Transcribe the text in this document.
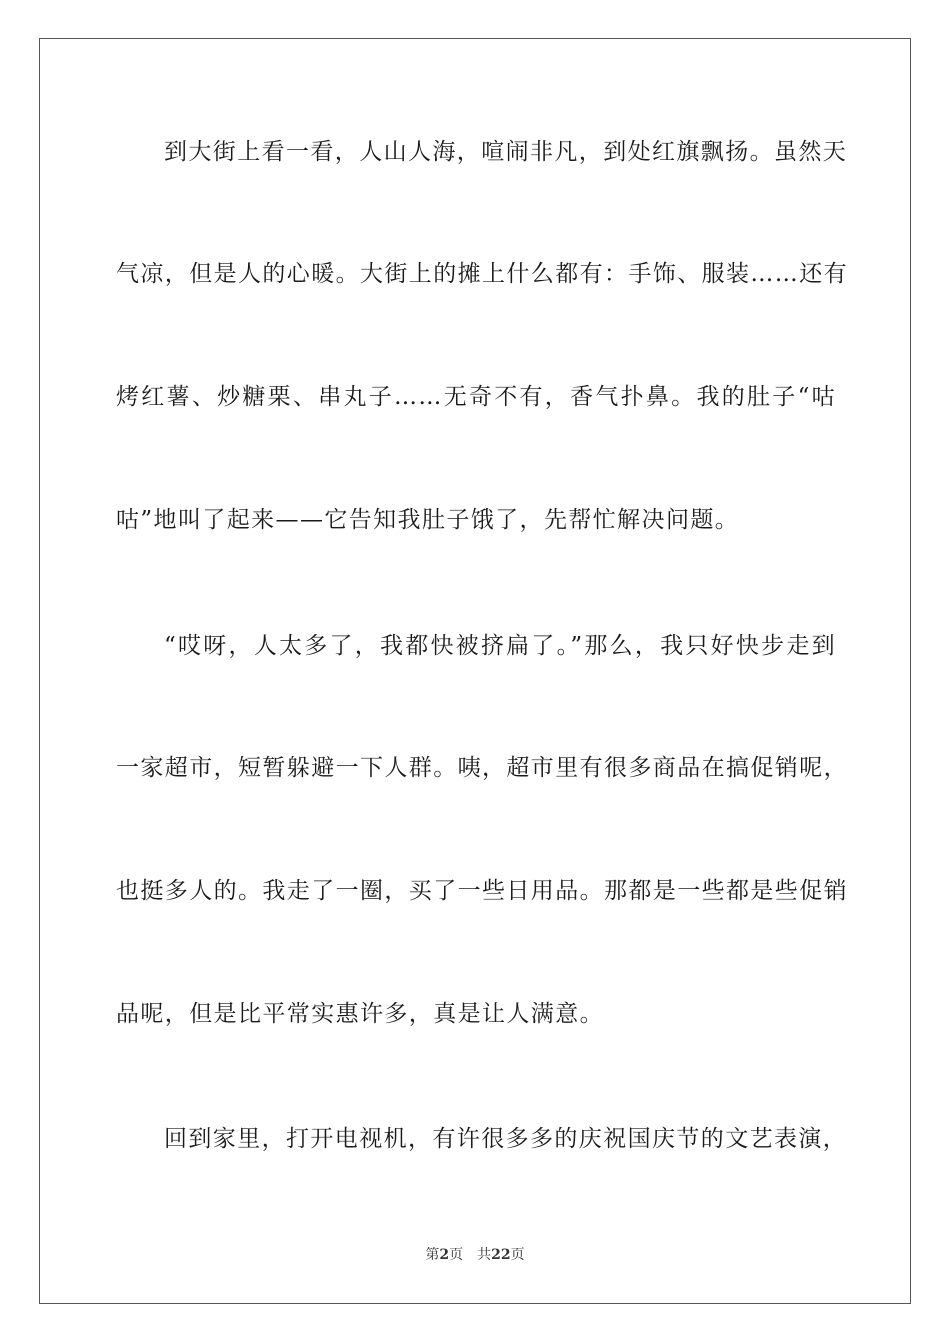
到大街上看一看，人山人海，喧闹非凡，到处红旗飘扬。虽然天
气凉，但是人的心暖。大街上的摊上什么都有：手饰、服装……还有
烤红薯、炒糖栗、串丸子……无奇不有，香气扑鼻。我的肚子“咕
咕”地叫了起来——它告知我肚子饿了，先帮忙解决问题。
“哎呀，人太多了，我都快被挤扁了。”那么，我只好快步走到
一家超市，短暂躲避一下人群。咦，超市里有很多商品在搞促销呢，
也挺多人的。我走了一圈，买了一些日用品。那都是一些都是些促销
品呢，但是比平常实惠许多，真是让人满意。
回到家里，打开电视机，有许很多多的庆祝国庆节的文艺表演，
第2页 共22页
